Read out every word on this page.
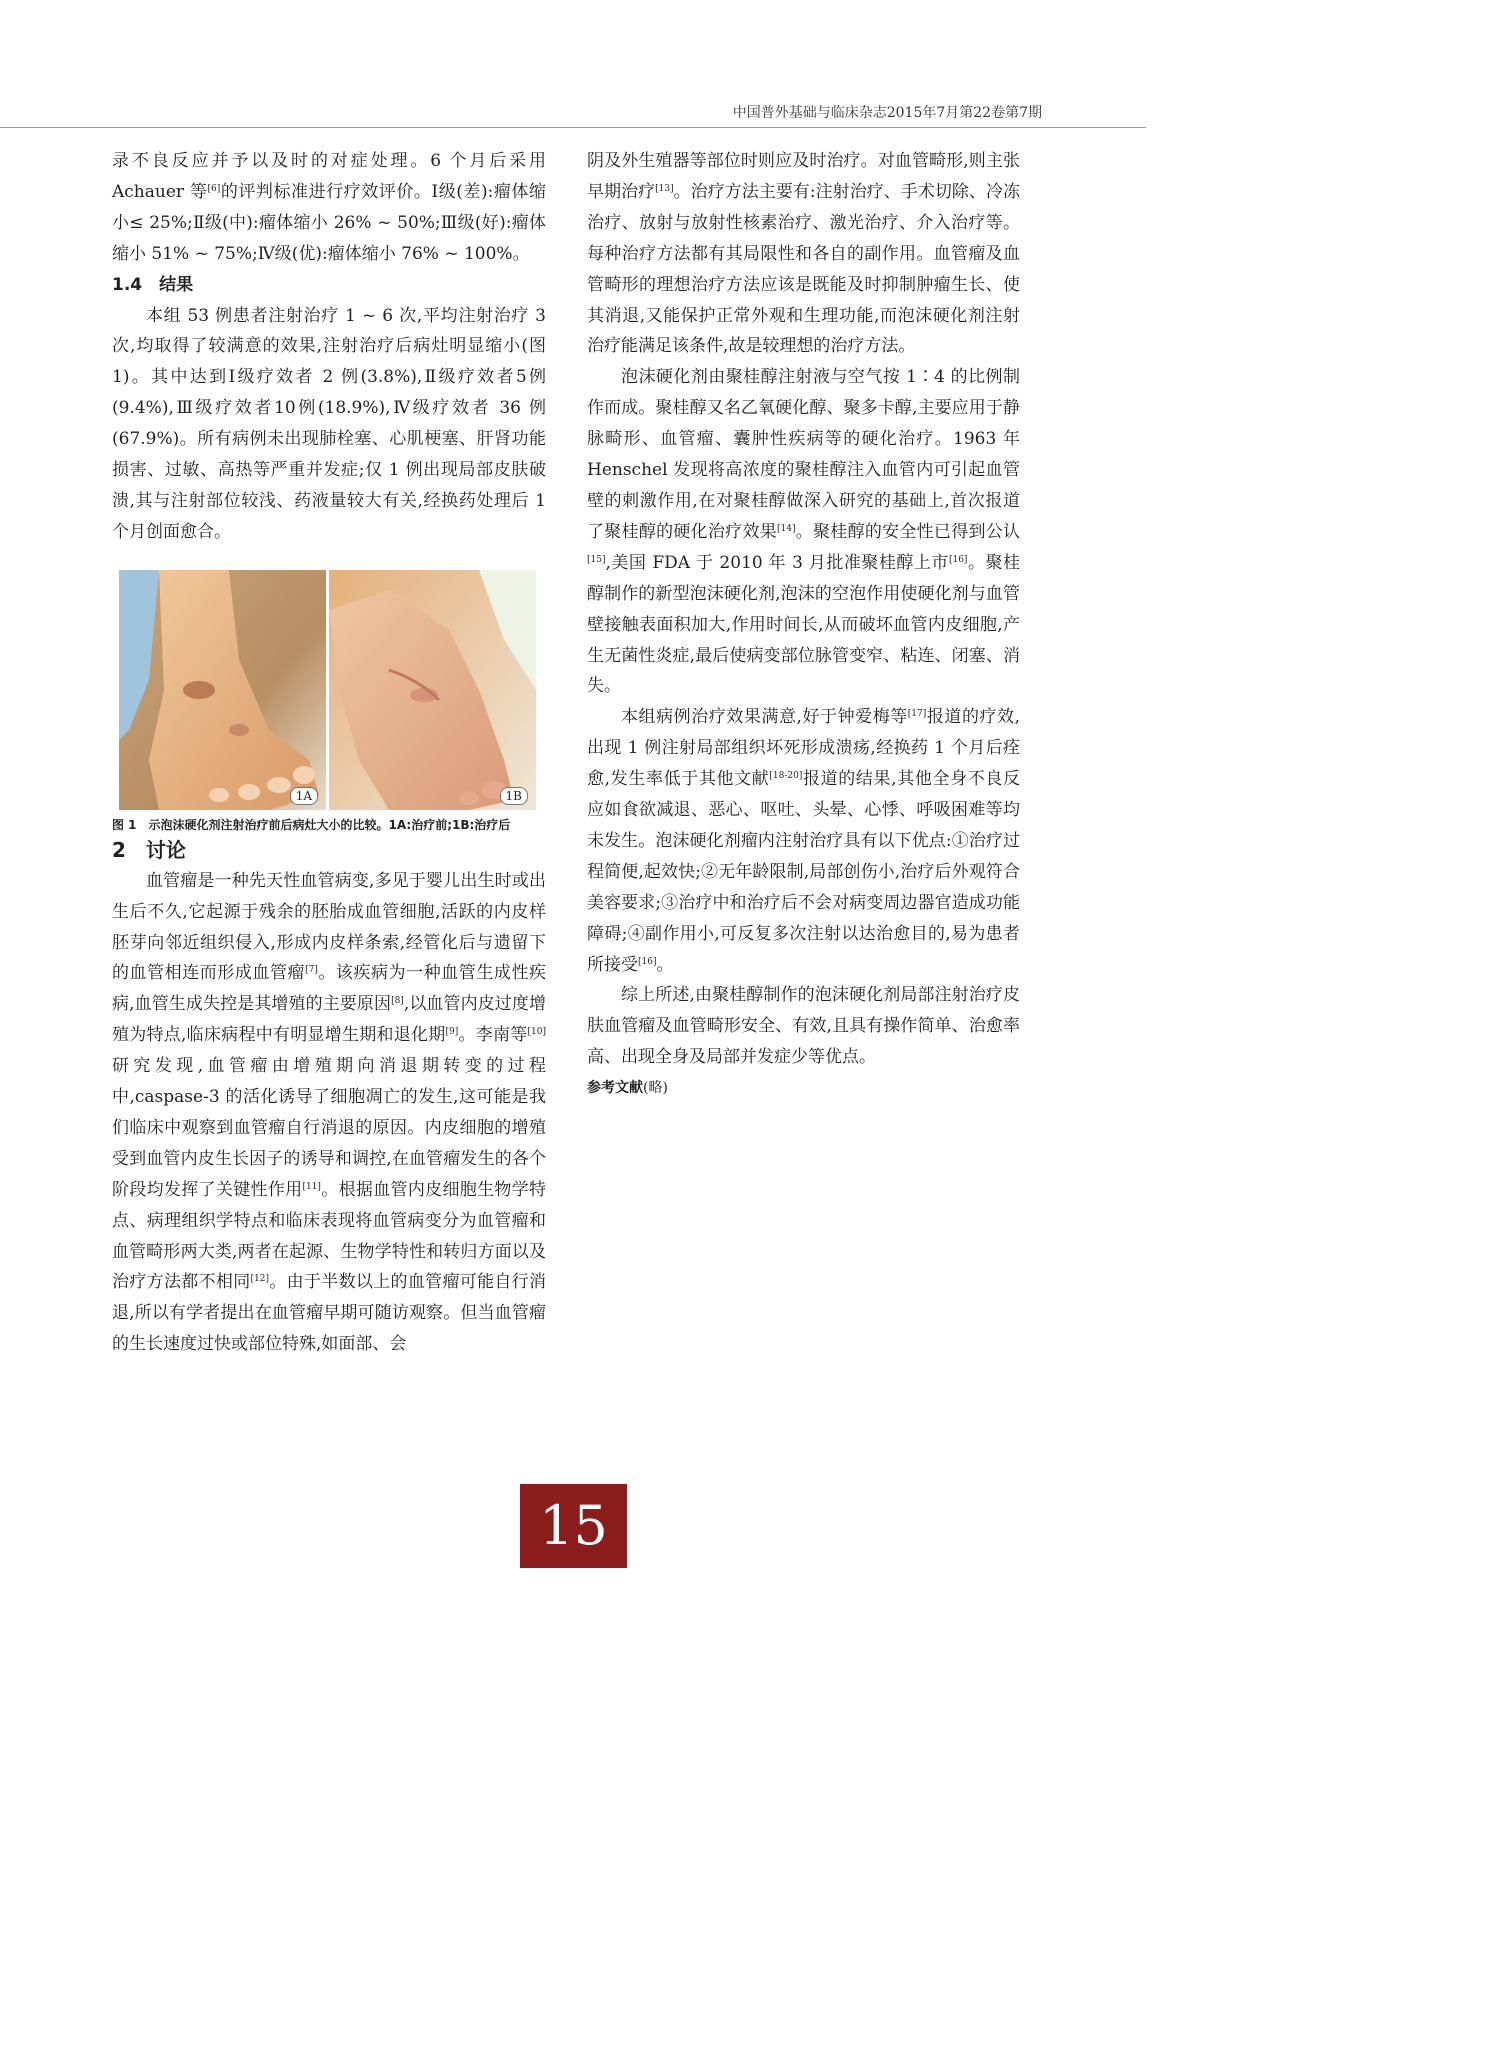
中国普外基础与临床杂志2015年7月第22卷第7期

录不良反应并予以及时的对症处理。6 个月后采用 Achauer 等[6]的评判标准进行疗效评价。Ⅰ级(差):瘤体缩小≤ 25%;Ⅱ级(中):瘤体缩小 26% ~ 50%;Ⅲ级(好):瘤体缩小 51% ~ 75%;Ⅳ级(优):瘤体缩小 76% ~ 100%。

1.4　结果

本组 53 例患者注射治疗 1 ~ 6 次,平均注射治疗 3 次,均取得了较满意的效果,注射治疗后病灶明显缩小(图 1)。其中达到Ⅰ级疗效者 2 例(3.8%),Ⅱ级疗效者5例(9.4%),Ⅲ级疗效者10例(18.9%),Ⅳ级疗效者 36 例(67.9%)。所有病例未出现肺栓塞、心肌梗塞、肝肾功能损害、过敏、高热等严重并发症;仅 1 例出现局部皮肤破溃,其与注射部位较浅、药液量较大有关,经换药处理后 1 个月创面愈合。

1A	1B

图 1　示泡沫硬化剂注射治疗前后病灶大小的比较。1A:治疗前;1B:治疗后

2　讨论

血管瘤是一种先天性血管病变,多见于婴儿出生时或出生后不久,它起源于残余的胚胎成血管细胞,活跃的内皮样胚芽向邻近组织侵入,形成内皮样条索,经管化后与遗留下的血管相连而形成血管瘤[7]。该疾病为一种血管生成性疾病,血管生成失控是其增殖的主要原因[8],以血管内皮过度增殖为特点,临床病程中有明显增生期和退化期[9]。李南等[10]研究发现,血管瘤由增殖期向消退期转变的过程中,caspase-3 的活化诱导了细胞凋亡的发生,这可能是我们临床中观察到血管瘤自行消退的原因。内皮细胞的增殖受到血管内皮生长因子的诱导和调控,在血管瘤发生的各个阶段均发挥了关键性作用[11]。根据血管内皮细胞生物学特点、病理组织学特点和临床表现将血管病变分为血管瘤和血管畸形两大类,两者在起源、生物学特性和转归方面以及治疗方法都不相同[12]。由于半数以上的血管瘤可能自行消退,所以有学者提出在血管瘤早期可随访观察。但当血管瘤的生长速度过快或部位特殊,如面部、会

阴及外生殖器等部位时则应及时治疗。对血管畸形,则主张早期治疗[13]。治疗方法主要有:注射治疗、手术切除、冷冻治疗、放射与放射性核素治疗、激光治疗、介入治疗等。每种治疗方法都有其局限性和各自的副作用。血管瘤及血管畸形的理想治疗方法应该是既能及时抑制肿瘤生长、使其消退,又能保护正常外观和生理功能,而泡沫硬化剂注射治疗能满足该条件,故是较理想的治疗方法。

泡沫硬化剂由聚桂醇注射液与空气按 1∶4 的比例制作而成。聚桂醇又名乙氧硬化醇、聚多卡醇,主要应用于静脉畸形、血管瘤、囊肿性疾病等的硬化治疗。1963 年 Henschel 发现将高浓度的聚桂醇注入血管内可引起血管壁的刺激作用,在对聚桂醇做深入研究的基础上,首次报道了聚桂醇的硬化治疗效果[14]。聚桂醇的安全性已得到公认[15],美国 FDA 于 2010 年 3 月批准聚桂醇上市[16]。聚桂醇制作的新型泡沫硬化剂,泡沫的空泡作用使硬化剂与血管壁接触表面积加大,作用时间长,从而破坏血管内皮细胞,产生无菌性炎症,最后使病变部位脉管变窄、粘连、闭塞、消失。

本组病例治疗效果满意,好于钟爱梅等[17]报道的疗效,出现 1 例注射局部组织坏死形成溃疡,经换药 1 个月后痊愈,发生率低于其他文献[18-20]报道的结果,其他全身不良反应如食欲减退、恶心、呕吐、头晕、心悸、呼吸困难等均未发生。泡沫硬化剂瘤内注射治疗具有以下优点:①治疗过程简便,起效快;②无年龄限制,局部创伤小,治疗后外观符合美容要求;③治疗中和治疗后不会对病变周边器官造成功能障碍;④副作用小,可反复多次注射以达治愈目的,易为患者所接受[16]。

综上所述,由聚桂醇制作的泡沫硬化剂局部注射治疗皮肤血管瘤及血管畸形安全、有效,且具有操作简单、治愈率高、出现全身及局部并发症少等优点。

参考文献(略)

15
